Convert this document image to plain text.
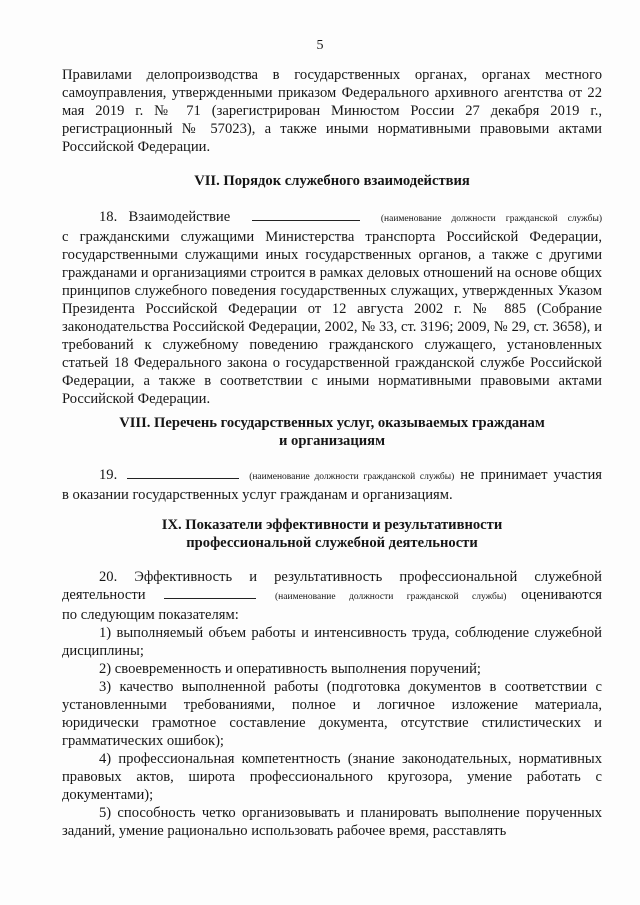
5

Правилами делопроизводства в государственных органах, органах местного самоуправления, утвержденными приказом Федерального архивного агентства от 22 мая 2019 г. № 71 (зарегистрирован Минюстом России 27 декабря 2019 г., регистрационный № 57023), а также иными нормативными правовыми актами Российской Федерации.

VII. Порядок служебного взаимодействия

18. Взаимодействие	(наименование должности гражданской службы)

с гражданскими служащими Министерства транспорта Российской Федерации, государственными служащими иных государственных органов, а также с другими гражданами и организациями строится в рамках деловых отношений на основе общих принципов служебного поведения государственных служащих, утвержденных Указом Президента Российской Федерации от 12 августа 2002 г. № 885 (Собрание законодательства Российской Федерации, 2002, № 33, ст. 3196; 2009, № 29, ст. 3658), и требований к служебному поведению гражданского служащего, установленных статьей 18 Федерального закона о государственной гражданской службе Российской Федерации, а также в соответствии с иными нормативными правовыми актами Российской Федерации.

VIII. Перечень государственных услуг, оказываемых гражданам
и организациям

19.	(наименование должности гражданской службы) не принимает участия

в оказании государственных услуг гражданам и организациям.

IX. Показатели эффективности и результативности
профессиональной служебной деятельности

20. Эффективность и результативность профессиональной служебной

деятельности	(наименование должности гражданской службы) оцениваются

по следующим показателям:

1) выполняемый объем работы и интенсивность труда, соблюдение служебной дисциплины;

2) своевременность и оперативность выполнения поручений;

3) качество выполненной работы (подготовка документов в соответствии с установленными требованиями, полное и логичное изложение материала, юридически грамотное составление документа, отсутствие стилистических и грамматических ошибок);

4) профессиональная компетентность (знание законодательных, нормативных правовых актов, широта профессионального кругозора, умение работать с документами);

5) способность четко организовывать и планировать выполнение порученных заданий, умение рационально использовать рабочее время, расставлять
